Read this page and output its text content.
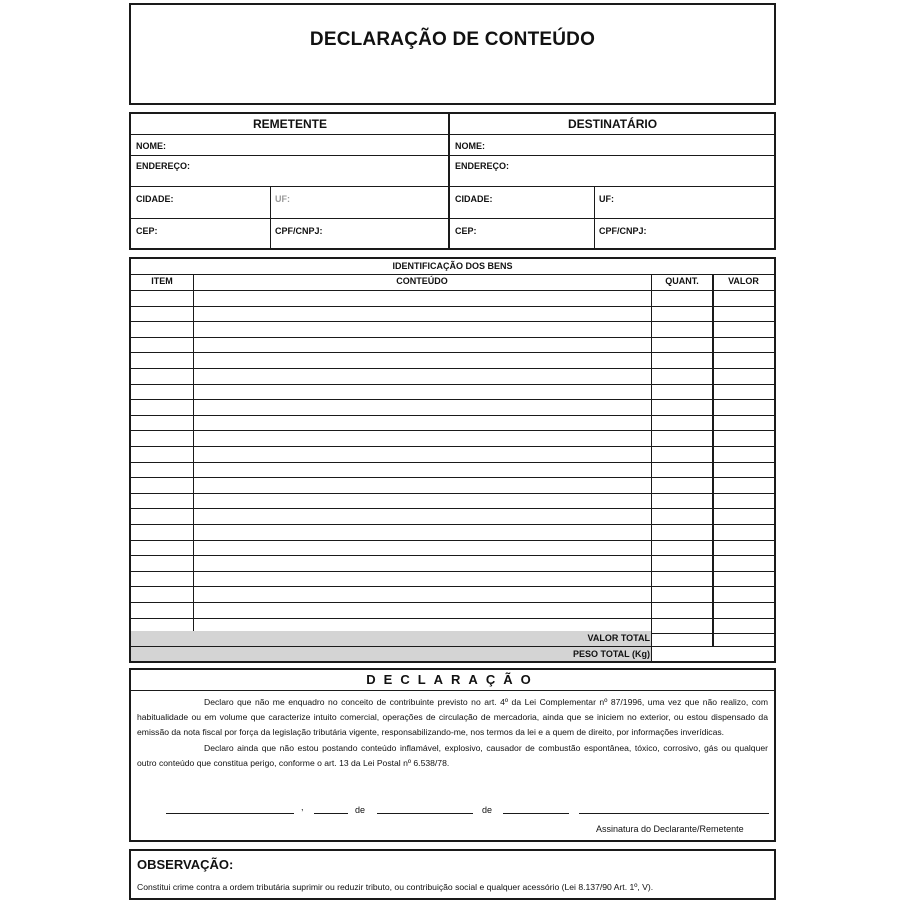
DECLARAÇÃO DE CONTEÚDO
REMETENTE	DESTINATÁRIO
NOME:
ENDEREÇO:
CIDADE:	UF:
CEP:	CPF/CNPJ:
NOME:
ENDEREÇO:
CIDADE:	UF:
CEP:	CPF/CNPJ:
IDENTIFICAÇÃO DOS BENS
ITEM	CONTEÚDO	QUANT.	VALOR
VALOR TOTAL
PESO TOTAL (Kg)
DECLARAÇÃO

Declaro que não me enquadro no conceito de contribuinte previsto no art. 4º da Lei Complementar nº 87/1996, uma vez que não realizo, com habitualidade ou em volume que caracterize intuito comercial, operações de circulação de mercadoria, ainda que se iniciem no exterior, ou estou dispensado da emissão da nota fiscal por força da legislação tributária vigente, responsabilizando-me, nos termos da lei e a quem de direito, por informações inverídicas.

Declaro ainda que não estou postando conteúdo inflamável, explosivo, causador de combustão espontânea, tóxico, corrosivo, gás ou qualquer outro conteúdo que constitua perigo, conforme o art. 13 da Lei Postal nº 6.538/78.

,	de	de
Assinatura do Declarante/Remetente
OBSERVAÇÃO:
Constitui crime contra a ordem tributária suprimir ou reduzir tributo, ou contribuição social e qualquer acessório (Lei 8.137/90 Art. 1º, V).
